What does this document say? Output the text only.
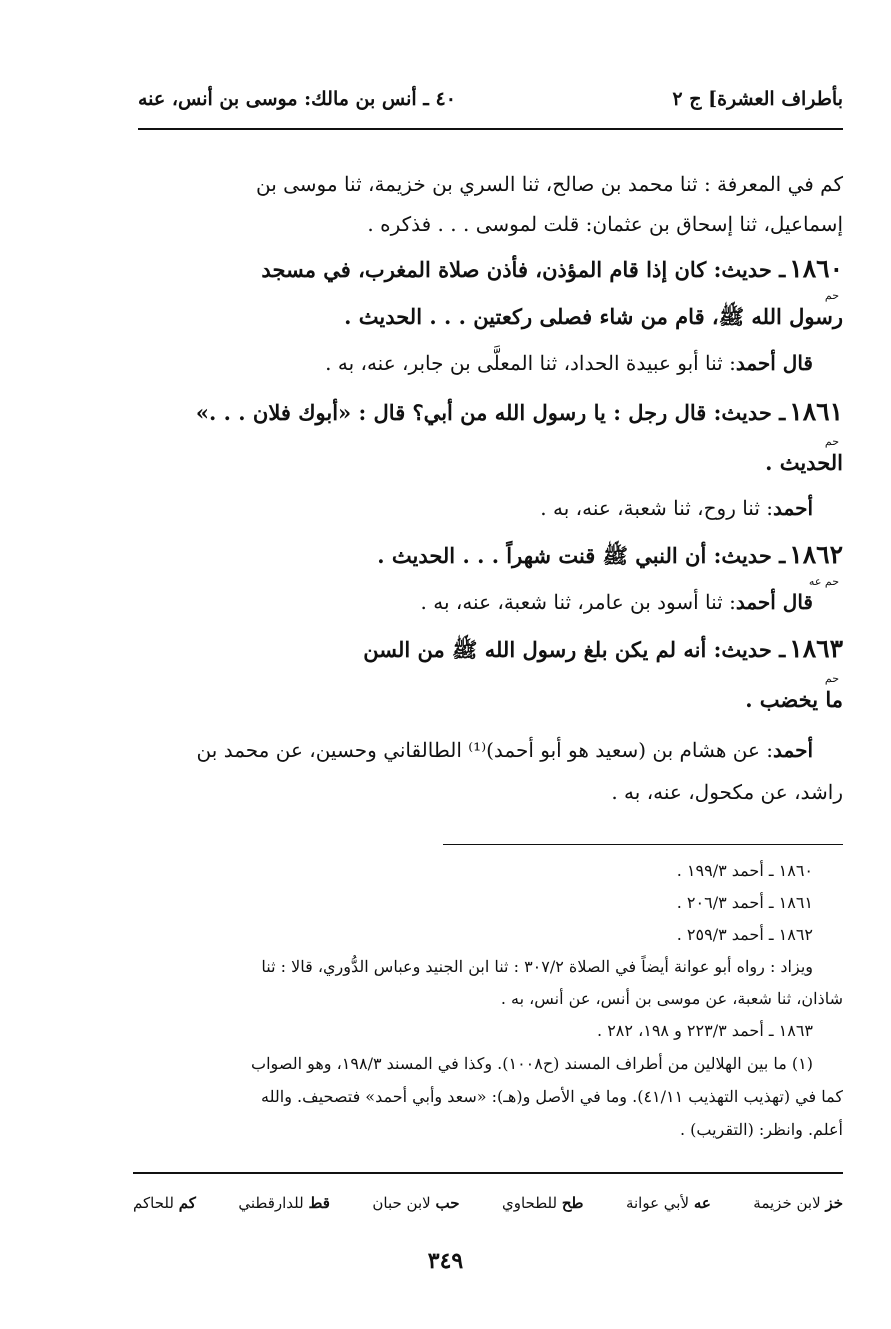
بأطراف العشرة] ج ٢
٤٠ ـ أنس بن مالك: موسى بن أنس، عنه
كم في المعرفة : ثنا محمد بن صالح، ثنا السري بن خزيمة، ثنا موسى بن
إسماعيل، ثنا إسحاق بن عثمان: قلت لموسى . . . فذكره .
١٨٦٠ـ حديث: كان إذا قام المؤذن، فأذن صلاة المغرب، في مسجد
حم
رسول الله ﷺ، قام من شاء فصلى ركعتين . . . الحديث .
قال أحمد: ثنا أبو عبيدة الحداد، ثنا المعلَّى بن جابر، عنه، به .
١٨٦١ـ حديث: قال رجل : يا رسول الله من أبي؟ قال : «أبوك فلان . . .»
حم
الحديث .
أحمد: ثنا روح، ثنا شعبة، عنه، به .
١٨٦٢ـ حديث: أن النبي ﷺ قنت شهراً . . . الحديث .
حم عه
قال أحمد: ثنا أسود بن عامر، ثنا شعبة، عنه، به .
١٨٦٣ـ حديث: أنه لم يكن بلغ رسول الله ﷺ من السن
حم
ما يخضب .
أحمد: عن هشام بن (سعيد هو أبو أحمد)⁽¹⁾ الطالقاني وحسين، عن محمد بن
راشد، عن مكحول، عنه، به .
١٨٦٠ ـ أحمد ١٩٩/٣ .
١٨٦١ ـ أحمد ٢٠٦/٣ .
١٨٦٢ ـ أحمد ٢٥٩/٣ .
ويزاد : رواه أبو عوانة أيضاً في الصلاة ٣٠٧/٢ : ثنا ابن الجنيد وعباس الدُّوري، قالا : ثنا
شاذان، ثنا شعبة، عن موسى بن أنس، عن أنس، به .
١٨٦٣ ـ أحمد ٢٢٣/٣ و ١٩٨، ٢٨٢ .
(١) ما بين الهلالين من أطراف المسند (ح١٠٠٨). وكذا في المسند ١٩٨/٣، وهو الصواب
كما في (تهذيب التهذيب ٤١/١١). وما في الأصل و(هـ): «سعد وأبي أحمد» فتصحيف. والله
أعلم. وانظر: (التقريب) .
خز لابن خزيمة
عه لأبي عوانة
طح للطحاوي
حب لابن حبان
قط للدارقطني
كم للحاكم
٣٤٩
